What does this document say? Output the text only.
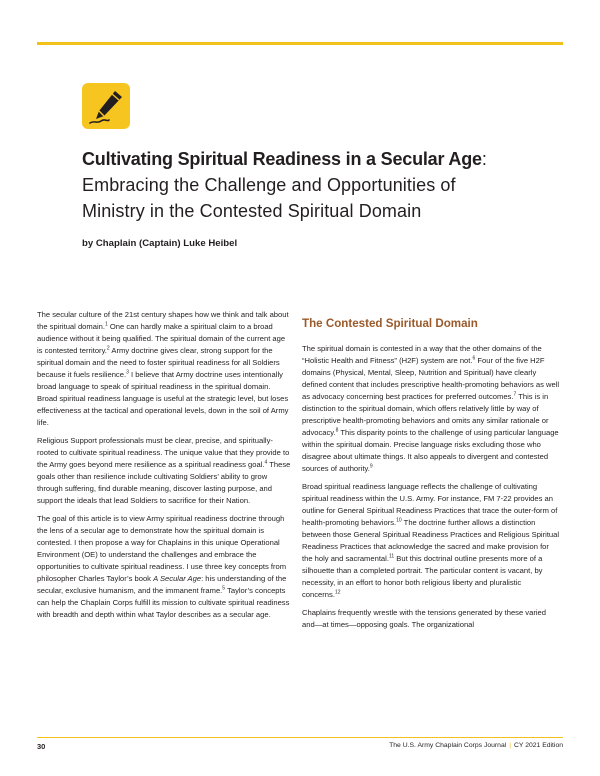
Cultivating Spiritual Readiness in a Secular Age:
Embracing the Challenge and Opportunities of
Ministry in the Contested Spiritual Domain
by Chaplain (Captain) Luke Heibel

The secular culture of the 21st century shapes how we think and talk about the spiritual domain.$^1$ One can hardly make a spiritual claim to a broad audience without it being qualified. The spiritual domain of the current age is contested territory.$^2$ Army doctrine gives clear, strong support for the spiritual domain and the need to foster spiritual readiness for all Soldiers because it fuels resilience.$^3$ I believe that Army doctrine uses intentionally broad language to speak of spiritual readiness in the spiritual domain. Broad spiritual readiness language is useful at the strategic level, but loses effectiveness at the tactical and operational levels, down in the soil of Army life.

Religious Support professionals must be clear, precise, and spiritually-rooted to cultivate spiritual readiness. The unique value that they provide to the Army goes beyond mere resilience as a spiritual readiness goal.$^4$ These goals other than resilience include cultivating Soldiers’ ability to grow through suffering, find durable meaning, discover lasting purpose, and support the ideals that lead Soldiers to sacrifice for their Nation.

The goal of this article is to view Army spiritual readiness doctrine through the lens of a secular age to demonstrate how the spiritual domain is contested. I then propose a way for Chaplains in this unique Operational Environment (OE) to understand the challenges and embrace the opportunities to cultivate spiritual readiness. I use three key concepts from philosopher Charles Taylor’s book A Secular Age: his understanding of the secular, exclusive humanism, and the immanent frame.$^5$ Taylor’s concepts can help the Chaplain Corps fulfill its mission to cultivate spiritual readiness with breadth and depth within what Taylor describes as a secular age.

The Contested Spiritual Domain

The spiritual domain is contested in a way that the other domains of the “Holistic Health and Fitness” (H2F) system are not.$^6$ Four of the five H2F domains (Physical, Mental, Sleep, Nutrition and Spiritual) have clearly defined content that includes prescriptive health-promoting behaviors as well as advocacy concerning best practices for preferred outcomes.$^7$ This is in distinction to the spiritual domain, which offers relatively little by way of prescriptive health-promoting behaviors and omits any similar rationale or advocacy.$^8$ This disparity points to the challenge of using particular language within the spiritual domain. Precise language risks excluding those who disagree about ultimate things. It also appeals to divergent and contested sources of authority.$^9$

Broad spiritual readiness language reflects the challenge of cultivating spiritual readiness within the U.S. Army. For instance, FM 7-22 provides an outline for General Spiritual Readiness Practices that trace the outer-form of health-promoting behaviors.$^{10}$ The doctrine further allows a distinction between those General Spiritual Readiness Practices and Religious Spiritual Readiness Practices that acknowledge the sacred and make provision for the holy and sacramental.$^{11}$ But this doctrinal outline presents more of a silhouette than a completed portrait. The particular content is vacant, by necessity, in an effort to honor both religious liberty and pluralistic concerns.$^{12}$

Chaplains frequently wrestle with the tensions generated by these varied and—at times—opposing goals. The organizational

30	The U.S. Army Chaplain Corps Journal | CY 2021 Edition
